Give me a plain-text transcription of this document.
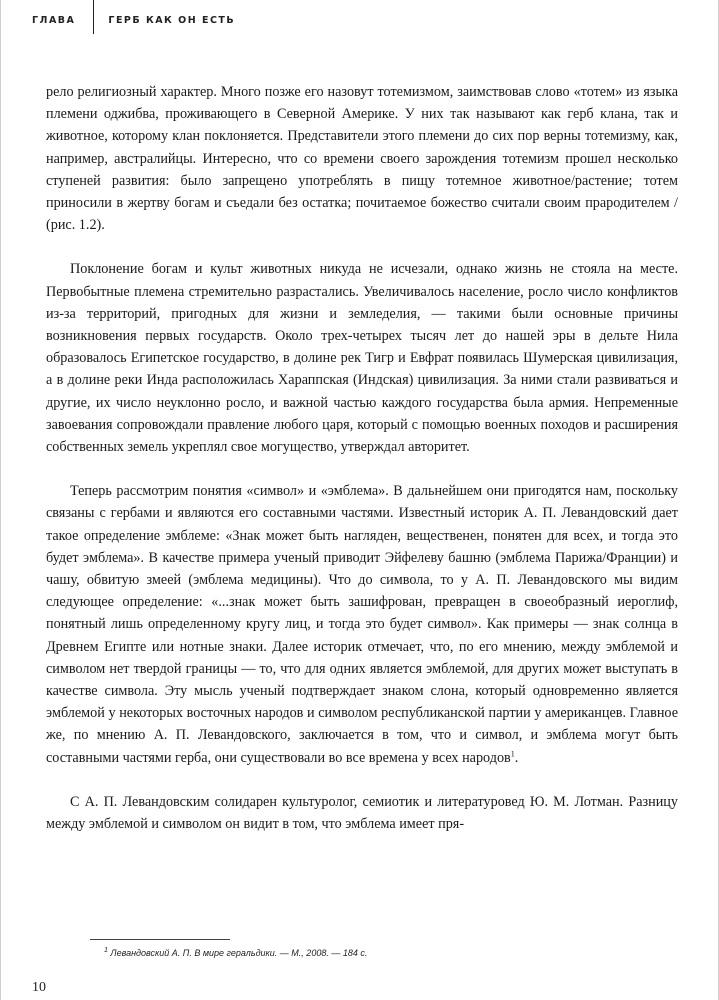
ГЛАВА	ГЕРБ КАК ОН ЕСТЬ

рело религиозный характер. Много позже его назовут тотемизмом, заимствовав слово «тотем» из языка племени оджибва, проживающего в Северной Америке. У них так называют как герб клана, так и животное, которому клан поклоняется. Представители этого племени до сих пор верны тотемизму, как, например, австралийцы. Интересно, что со времени своего зарождения тотемизм прошел несколько ступеней развития: было запрещено употреблять в пищу тотемное животное/растение; тотем приносили в жертву богам и съедали без остатка; почитаемое божество считали своим прародителем / (рис. 1.2).

Поклонение богам и культ животных никуда не исчезали, однако жизнь не стояла на месте. Первобытные племена стремительно разрастались. Увеличивалось население, росло число конфликтов из-за территорий, пригодных для жизни и земледелия, — такими были основные причины возникновения первых государств. Около трех-четырех тысяч лет до нашей эры в дельте Нила образовалось Египетское государство, в долине рек Тигр и Евфрат появилась Шумерская цивилизация, а в долине реки Инда расположилась Хараппская (Индская) цивилизация. За ними стали развиваться и другие, их число неуклонно росло, и важной частью каждого государства была армия. Непременные завоевания сопровождали правление любого царя, который с помощью военных походов и расширения собственных земель укреплял свое могущество, утверждал авторитет.

Теперь рассмотрим понятия «символ» и «эмблема». В дальнейшем они пригодятся нам, поскольку связаны с гербами и являются его составными частями. Известный историк А. П. Левандовский дает такое определение эмблеме: «Знак может быть нагляден, вещественен, понятен для всех, и тогда это будет эмблема». В качестве примера ученый приводит Эйфелеву башню (эмблема Парижа/Франции) и чашу, обвитую змеей (эмблема медицины). Что до символа, то у А. П. Левандовского мы видим следующее определение: «...знак может быть зашифрован, превращен в своеобразный иероглиф, понятный лишь определенному кругу лиц, и тогда это будет символ». Как примеры — знак солнца в Древнем Египте или нотные знаки. Далее историк отмечает, что, по его мнению, между эмблемой и символом нет твердой границы — то, что для одних является эмблемой, для других может выступать в качестве символа. Эту мысль ученый подтверждает знаком слона, который одновременно является эмблемой у некоторых восточных народов и символом республиканской партии у американцев. Главное же, по мнению А. П. Левандовского, заключается в том, что и символ, и эмблема могут быть составными частями герба, они существовали во все времена у всех народов$^1$.

С А. П. Левандовским солидарен культуролог, семиотик и литературовед Ю. М. Лотман. Разницу между эмблемой и символом он видит в том, что эмблема имеет пря-

$^1$ Левандовский А. П. В мире геральдики. — М., 2008. — 184 с.
10
